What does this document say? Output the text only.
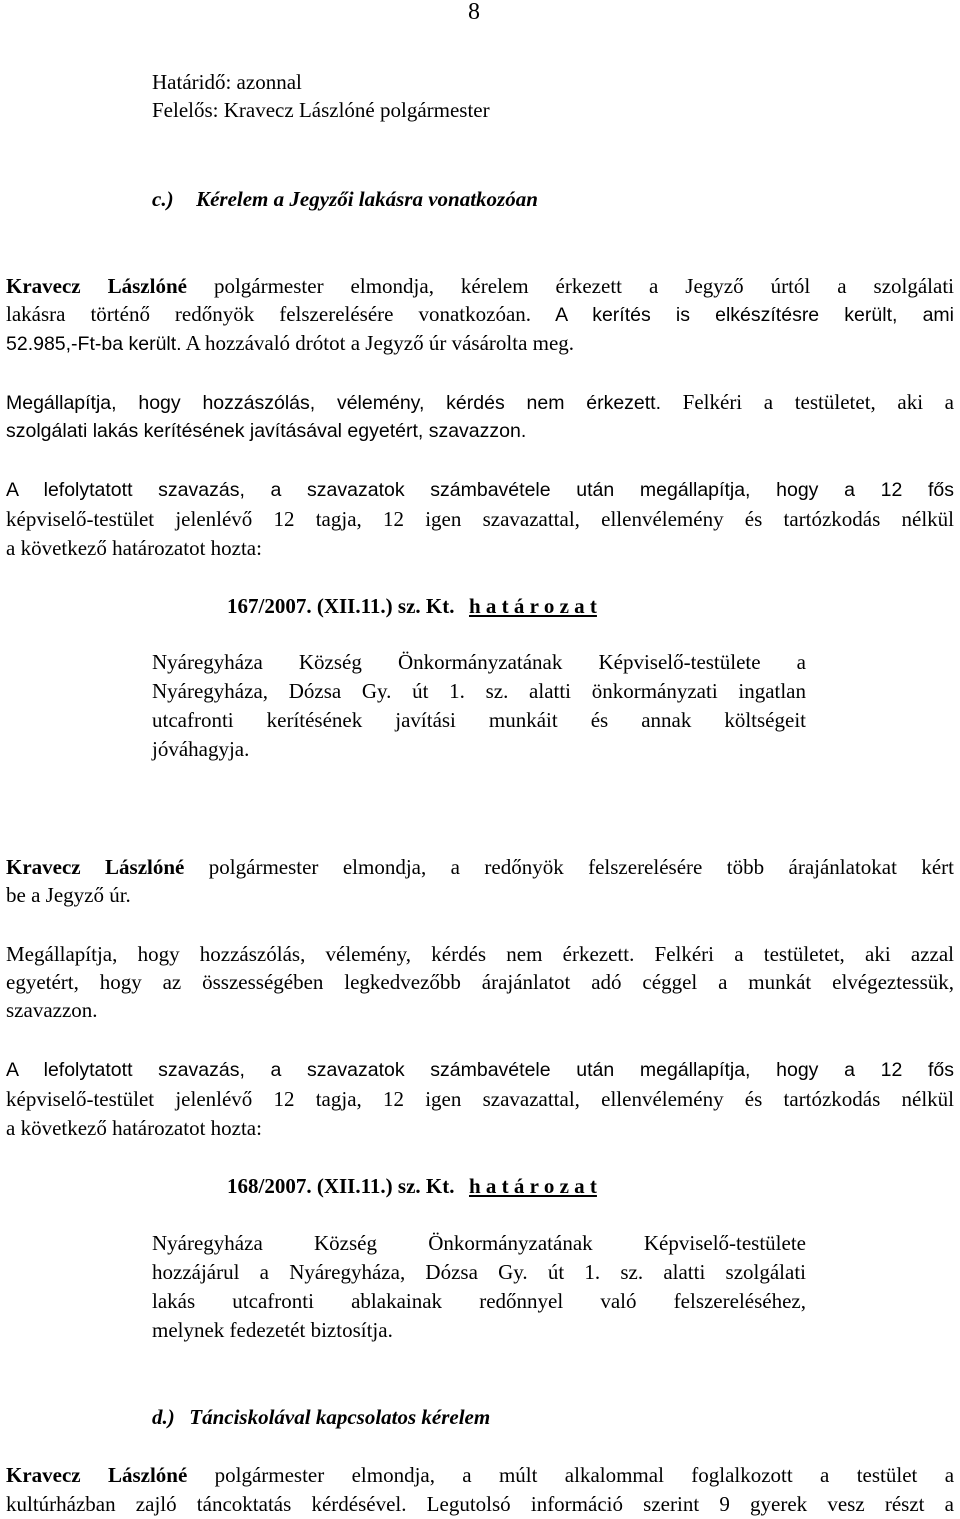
8
Határidő: azonnal
Felelős: Kravecz Lászlóné polgármester
c.) Kérelem a Jegyzői lakásra vonatkozóan
Kravecz Lászlóné polgármester elmondja, kérelem érkezett a Jegyző úrtól a szolgálati
lakásra történő redőnyök felszerelésére vonatkozóan. A kerítés is elkészítésre került, ami
52.985,-Ft-ba került. A hozzávaló drótot a Jegyző úr vásárolta meg.
Megállapítja, hogy hozzászólás, vélemény, kérdés nem érkezett. Felkéri a testületet, aki a
szolgálati lakás kerítésének javításával egyetért, szavazzon.
A lefolytatott szavazás, a szavazatok számbavétele után megállapítja, hogy a 12 fős
képviselő-testület jelenlévő 12 tagja, 12 igen szavazattal, ellenvélemény és tartózkodás nélkül
a következő határozatot hozta:
167/2007. (XII.11.) sz. Kt. h a t á r o z a t
Nyáregyháza Község Önkormányzatának Képviselő-testülete a
Nyáregyháza, Dózsa Gy. út 1. sz. alatti önkormányzati ingatlan
utcafronti kerítésének javítási munkáit és annak költségeit
jóváhagyja.
Kravecz Lászlóné polgármester elmondja, a redőnyök felszerelésére több árajánlatokat kért
be a Jegyző úr.
Megállapítja, hogy hozzászólás, vélemény, kérdés nem érkezett. Felkéri a testületet, aki azzal
egyetért, hogy az összességében legkedvezőbb árajánlatot adó céggel a munkát elvégeztessük,
szavazzon.
A lefolytatott szavazás, a szavazatok számbavétele után megállapítja, hogy a 12 fős
képviselő-testület jelenlévő 12 tagja, 12 igen szavazattal, ellenvélemény és tartózkodás nélkül
a következő határozatot hozta:
168/2007. (XII.11.) sz. Kt. h a t á r o z a t
Nyáregyháza Község Önkormányzatának Képviselő-testülete
hozzájárul a Nyáregyháza, Dózsa Gy. út 1. sz. alatti szolgálati
lakás utcafronti ablakainak redőnnyel való felszereléséhez,
melynek fedezetét biztosítja.
d.) Tánciskolával kapcsolatos kérelem
Kravecz Lászlóné polgármester elmondja, a múlt alkalommal foglalkozott a testület a
kultúrházban zajló táncoktatás kérdésével. Legutolsó információ szerint 9 gyerek vesz részt a
